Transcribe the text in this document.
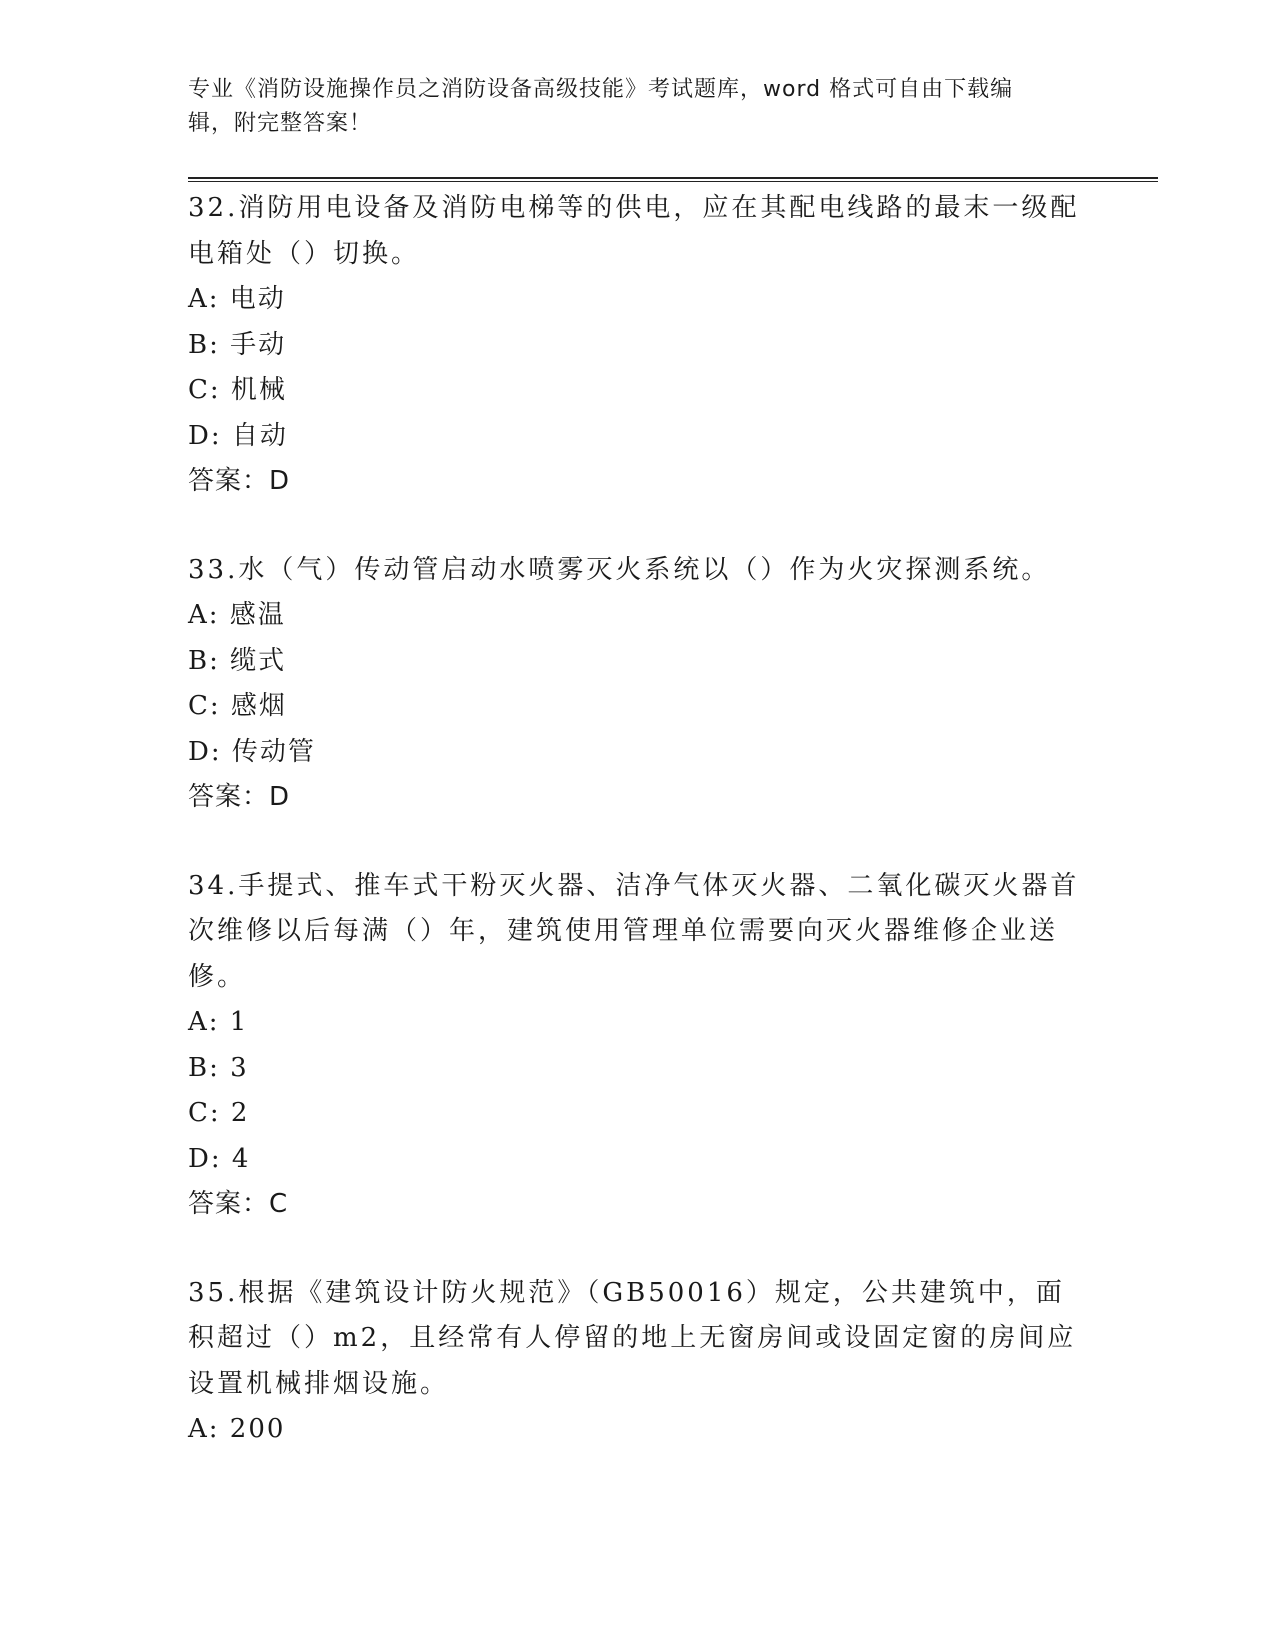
专业《消防设施操作员之消防设备高级技能》考试题库，word 格式可自由下载编
辑，附完整答案！
32.消防用电设备及消防电梯等的供电，应在其配电线路的最末一级配电箱处（）切换。
A: 电动
B: 手动
C: 机械
D: 自动
答案：D
33.水（气）传动管启动水喷雾灭火系统以（）作为火灾探测系统。
A: 感温
B: 缆式
C: 感烟
D: 传动管
答案：D
34.手提式、推车式干粉灭火器、洁净气体灭火器、二氧化碳灭火器首次维修以后每满（）年，建筑使用管理单位需要向灭火器维修企业送修。
A: 1
B: 3
C: 2
D: 4
答案：C
35.根据《建筑设计防火规范》（GB50016）规定，公共建筑中，面积超过（）m2，且经常有人停留的地上无窗房间或设固定窗的房间应设置机械排烟设施。
A: 200
